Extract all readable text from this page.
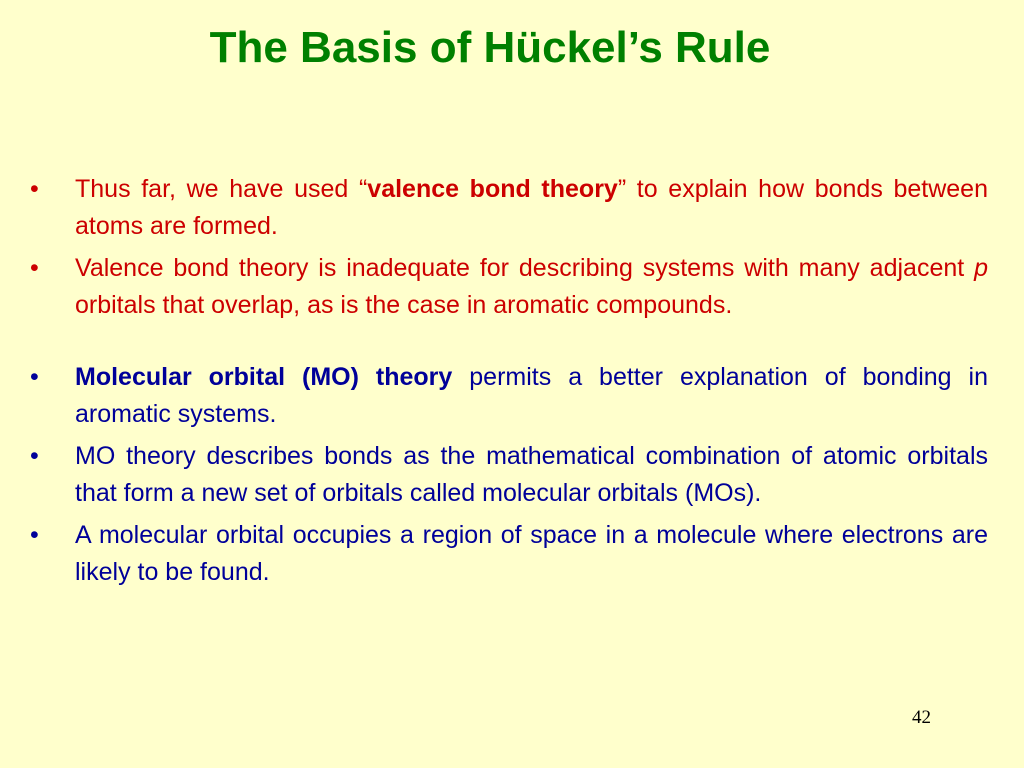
The Basis of Hückel’s Rule
•	Thus far, we have used “valence bond theory” to explain how bonds between atoms are formed.
•	Valence bond theory is inadequate for describing systems with many adjacent p orbitals that overlap, as is the case in aromatic compounds.
•	Molecular orbital (MO) theory permits a better explanation of bonding in aromatic systems.
•	MO theory describes bonds as the mathematical combination of atomic orbitals that form a new set of orbitals called molecular orbitals (MOs).
•	A molecular orbital occupies a region of space in a molecule where electrons are likely to be found.
42
